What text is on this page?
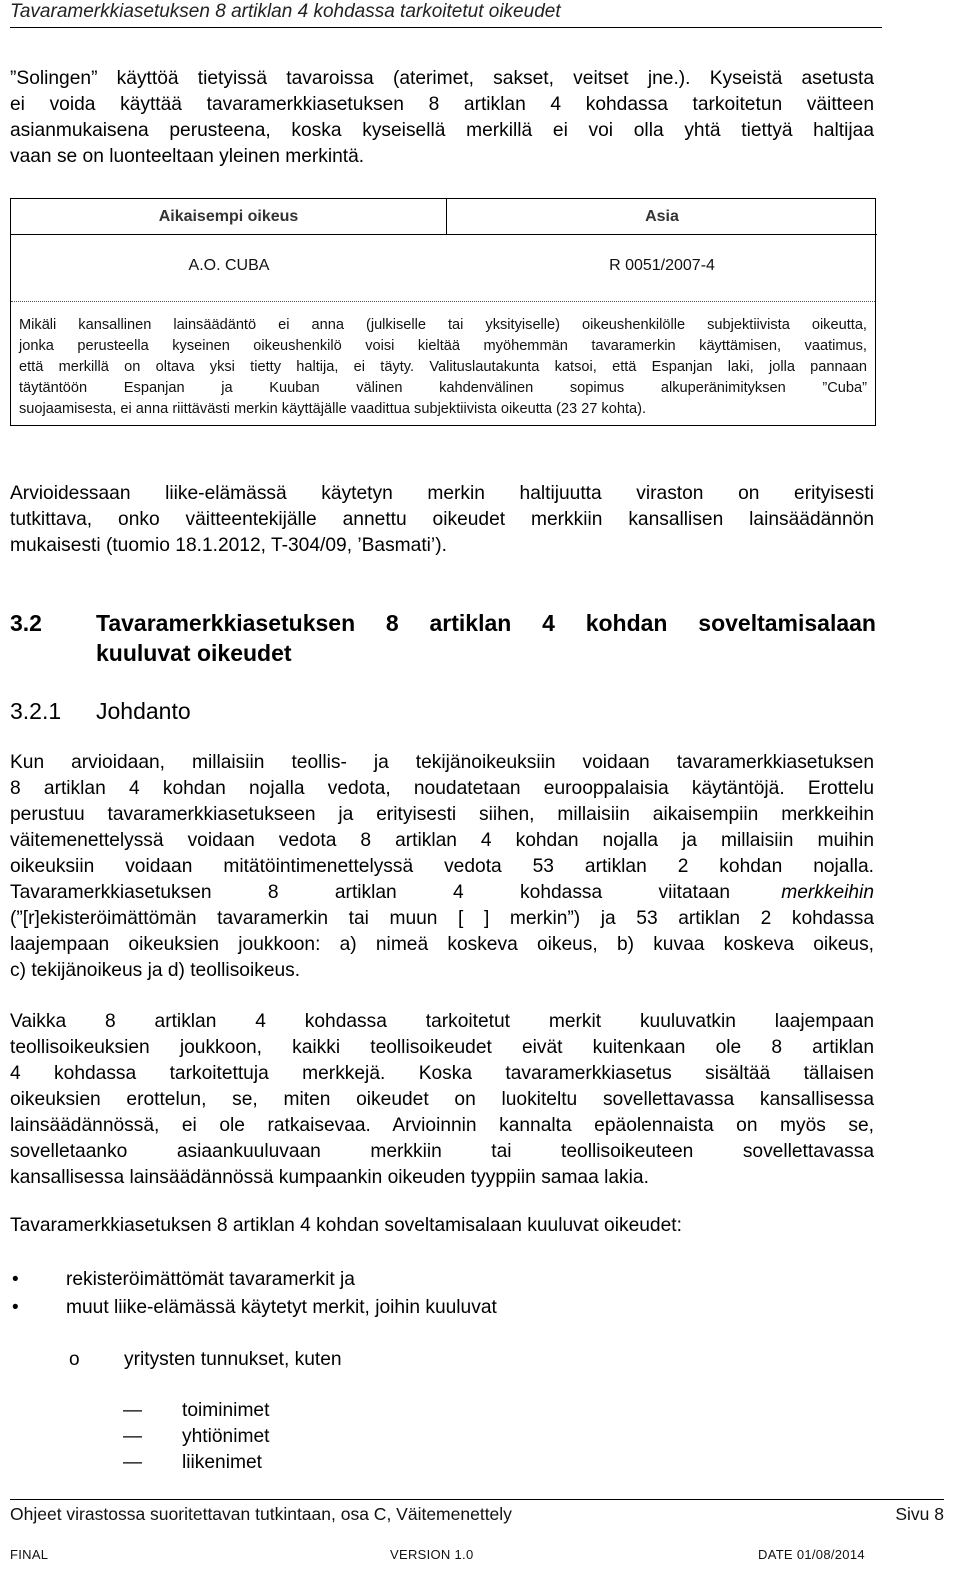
Tavaramerkkiasetuksen 8 artiklan 4 kohdassa tarkoitetut oikeudet
”Solingen” käyttöä tietyissä tavaroissa (aterimet, sakset, veitset jne.). Kyseistä asetusta
ei voida käyttää tavaramerkkiasetuksen 8 artiklan 4 kohdassa tarkoitetun väitteen
asianmukaisena perusteena, koska kyseisellä merkillä ei voi olla yhtä tiettyä haltijaa
vaan se on luonteeltaan yleinen merkintä.
Aikaisempi oikeus	Asia
A.O. CUBA	R 0051/2007-4
Mikäli kansallinen lainsäädäntö ei anna (julkiselle tai yksityiselle) oikeushenkilölle subjektiivista oikeutta,
jonka perusteella kyseinen oikeushenkilö voisi kieltää myöhemmän tavaramerkin käyttämisen, vaatimus,
että merkillä on oltava yksi tietty haltija, ei täyty. Valituslautakunta katsoi, että Espanjan laki, jolla pannaan
täytäntöön Espanjan ja Kuuban välinen kahdenvälinen sopimus alkuperänimityksen ”Cuba”
suojaamisesta, ei anna riittävästi merkin käyttäjälle vaadittua subjektiivista oikeutta (23 27 kohta).
Arvioidessaan liike-elämässä käytetyn merkin haltijuutta viraston on erityisesti
tutkittava, onko väitteentekijälle annettu oikeudet merkkiin kansallisen lainsäädännön
mukaisesti (tuomio 18.1.2012, T-304/09, ’Basmati’).
3.2 Tavaramerkkiasetuksen 8 artiklan 4 kohdan soveltamisalaan
kuuluvat oikeudet
3.2.1 Johdanto
Kun arvioidaan, millaisiin teollis- ja tekijänoikeuksiin voidaan tavaramerkkiasetuksen
8 artiklan 4 kohdan nojalla vedota, noudatetaan eurooppalaisia käytäntöjä. Erottelu
perustuu tavaramerkkiasetukseen ja erityisesti siihen, millaisiin aikaisempiin merkkeihin
väitemenettelyssä voidaan vedota 8 artiklan 4 kohdan nojalla ja millaisiin muihin
oikeuksiin voidaan mitätöintimenettelyssä vedota 53 artiklan 2 kohdan nojalla.
Tavaramerkkiasetuksen 8 artiklan 4 kohdassa viitataan	merkkeihin
(”[r]ekisteröimättömän tavaramerkin tai muun [ ] merkin”) ja 53 artiklan 2 kohdassa
laajempaan oikeuksien joukkoon: a) nimeä koskeva oikeus, b) kuvaa koskeva oikeus,
c) tekijänoikeus ja d) teollisoikeus.
Vaikka 8 artiklan 4 kohdassa tarkoitetut merkit kuuluvatkin laajempaan
teollisoikeuksien joukkoon, kaikki teollisoikeudet eivät kuitenkaan ole 8 artiklan
4 kohdassa tarkoitettuja merkkejä. Koska tavaramerkkiasetus sisältää tällaisen
oikeuksien erottelun, se, miten oikeudet on luokiteltu sovellettavassa kansallisessa
lainsäädännössä, ei ole ratkaisevaa. Arvioinnin kannalta epäolennaista on myös se,
sovelletaanko asiaankuuluvaan merkkiin tai teollisoikeuteen sovellettavassa
kansallisessa lainsäädännössä kumpaankin oikeuden tyyppiin samaa lakia.
Tavaramerkkiasetuksen 8 artiklan 4 kohdan soveltamisalaan kuuluvat oikeudet:
• rekisteröimättömät tavaramerkit ja
• muut liike-elämässä käytetyt merkit, joihin kuuluvat
o yritysten tunnukset, kuten
— toiminimet
— yhtiönimet
— liikenimet
Ohjeet virastossa suoritettavan tutkintaan, osa C, Väitemenettely	Sivu 8
FINAL	VERSION 1.0	DATE 01/08/2014
